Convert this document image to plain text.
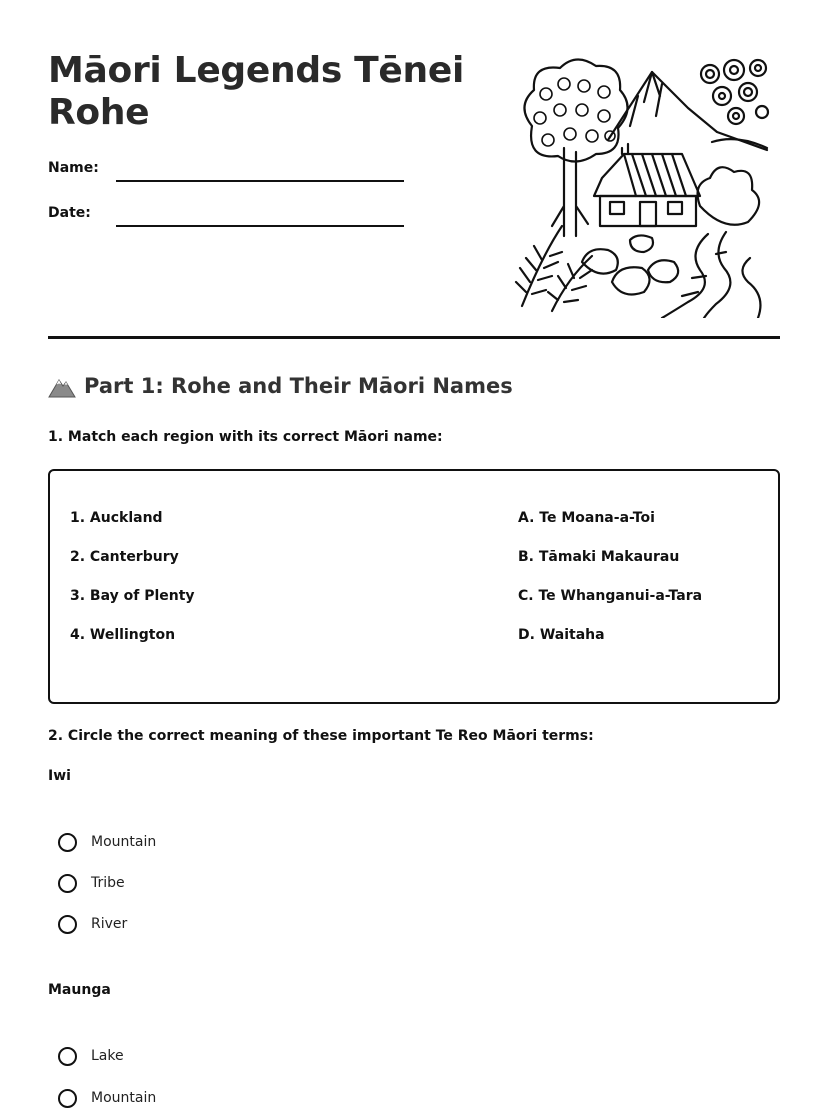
Māori Legends Tēnei Rohe
Name:
Date:
Part 1: Rohe and Their Māori Names

1. Match each region with its correct Māori name:

1. Auckland
2. Canterbury
3. Bay of Plenty
4. Wellington
A. Te Moana-a-Toi
B. Tāmaki Makaurau
C. Te Whanganui-a-Tara
D. Waitaha

2. Circle the correct meaning of these important Te Reo Māori terms:

Iwi
Mountain
Tribe
River
Maunga
Lake
Mountain
